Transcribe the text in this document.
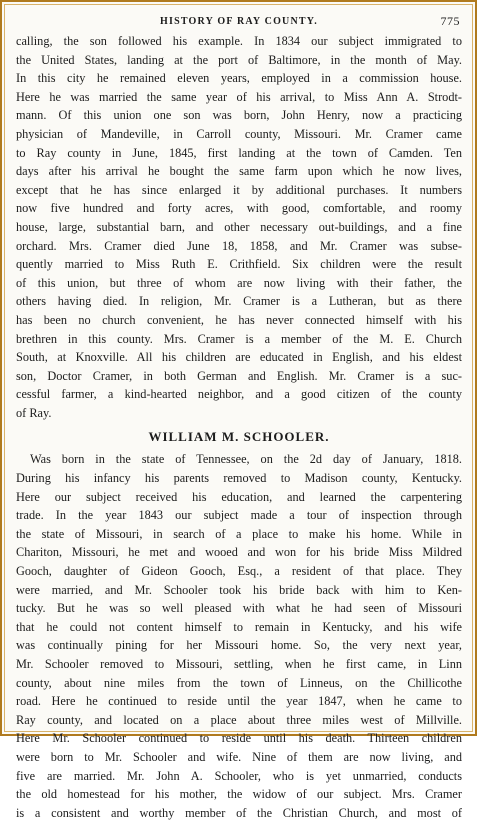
HISTORY OF RAY COUNTY.	775

calling, the son followed his example. In 1834 our subject immigrated to
the United States, landing at the port of Baltimore, in the month of May.
In this city he remained eleven years, employed in a commission house.
Here he was married the same year of his arrival, to Miss Ann A. Strodt-
mann. Of this union one son was born, John Henry, now a practicing
physician of Mandeville, in Carroll county, Missouri. Mr. Cramer came
to Ray county in June, 1845, first landing at the town of Camden. Ten
days after his arrival he bought the same farm upon which he now lives,
except that he has since enlarged it by additional purchases. It numbers
now five hundred and forty acres, with good, comfortable, and roomy
house, large, substantial barn, and other necessary out-buildings, and a fine
orchard. Mrs. Cramer died June 18, 1858, and Mr. Cramer was subse-
quently married to Miss Ruth E. Crithfield. Six children were the result
of this union, but three of whom are now living with their father, the
others having died. In religion, Mr. Cramer is a Lutheran, but as there
has been no church convenient, he has never connected himself with his
brethren in this county. Mrs. Cramer is a member of the M. E. Church
South, at Knoxville. All his children are educated in English, and his eldest
son, Doctor Cramer, in both German and English. Mr. Cramer is a suc-
cessful farmer, a kind-hearted neighbor, and a good citizen of the county
of Ray.

WILLIAM M. SCHOOLER.

Was born in the state of Tennessee, on the 2d day of January, 1818.
During his infancy his parents removed to Madison county, Kentucky.
Here our subject received his education, and learned the carpentering
trade. In the year 1843 our subject made a tour of inspection through
the state of Missouri, in search of a place to make his home. While in
Chariton, Missouri, he met and wooed and won for his bride Miss Mildred
Gooch, daughter of Gideon Gooch, Esq., a resident of that place. They
were married, and Mr. Schooler took his bride back with him to Ken-
tucky. But he was so well pleased with what he had seen of Missouri
that he could not content himself to remain in Kentucky, and his wife
was continually pining for her Missouri home. So, the very next year,
Mr. Schooler removed to Missouri, settling, when he first came, in Linn
county, about nine miles from the town of Linneus, on the Chillicothe
road. Here he continued to reside until the year 1847, when he came to
Ray county, and located on a place about three miles west of Millville.
Here Mr. Schooler continued to reside until his death. Thirteen children
were born to Mr. Schooler and wife. Nine of them are now living, and
five are married. Mr. John A. Schooler, who is yet unmarried, conducts
the old homestead for his mother, the widow of our subject. Mrs. Cramer
is a consistent and worthy member of the Christian Church, and most of
